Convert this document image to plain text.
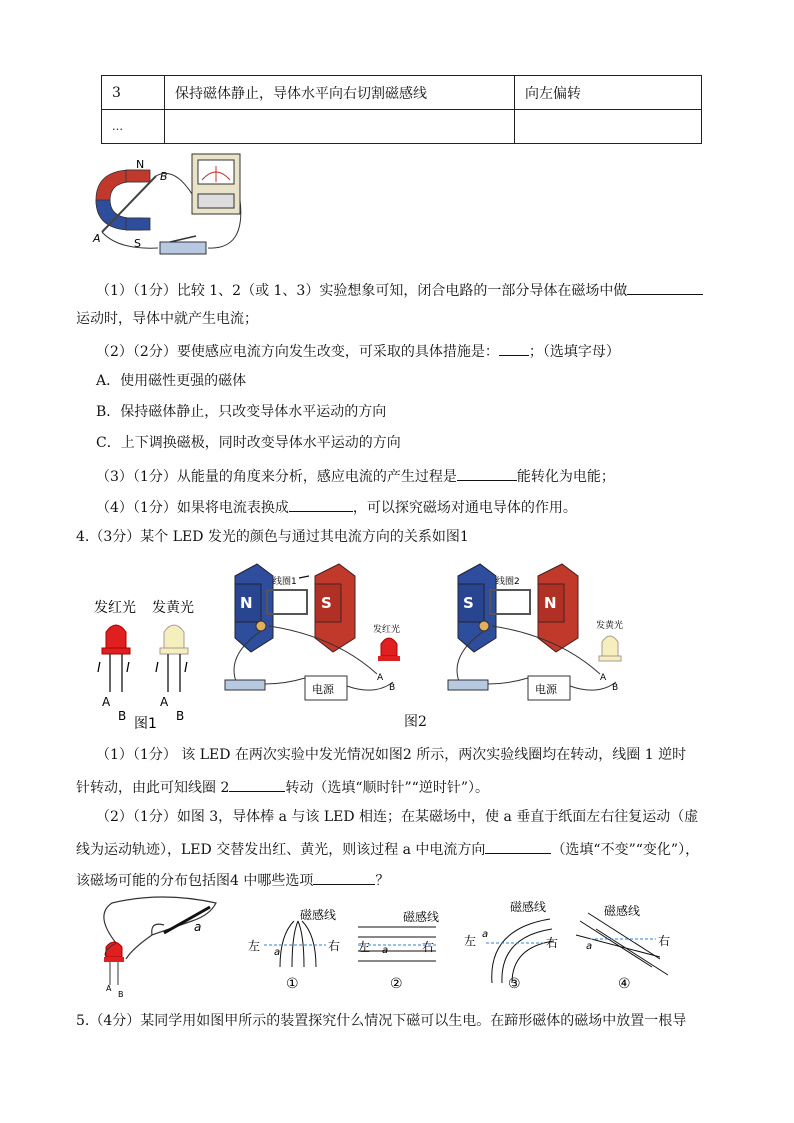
3	保持磁体静止，导体水平向右切割磁感线	向左偏转
…		
N
S
A
B
（1）（1分）比较 1、2（或 1、3）实验想象可知，闭合电路的一部分导体在磁场中做
运动时，导体中就产生电流；
（2）（2分）要使感应电流方向发生改变，可采取的具体措施是： ；（选填字母）
A．使用磁性更强的磁体
B．保持磁体静止，只改变导体水平运动的方向
C．上下调换磁极，同时改变导体水平运动的方向
（3）（1分）从能量的角度来分析，感应电流的产生过程是	能转化为电能；
（4）（1分）如果将电流表换成	，可以探究磁场对通电导体的作用。
4.（3分）某个 LED 发光的颜色与通过其电流方向的关系如图1
发红光 发黄光
I I I I
A
B
A
B
图1
N	S
线圈1
电源
发红光
A
B
S	N
线圈2
电源
发黄光
A
B
图2
（1）（1分） 该 LED 在两次实验中发光情况如图2 所示，两次实验线圈均在转动，线圈 1 逆时
针转动，由此可知线圈 2	转动（选填“顺时针”“逆时针”）。
（2）（1分）如图 3，导体棒 a 与该 LED 相连；在某磁场中，使 a 垂直于纸面左右往复运动（虚
线为运动轨迹），LED 交替发出红、黄光，则该过程 a 中电流方向	（选填“不变”“变化”），
该磁场可能的分布包括图4 中哪些选项	？
a
A
B
磁感线
左	右
a
①
磁感线
左	右
a
②
磁感线
左	右
a
③
磁感线
右
a
④
5.（4分）某同学用如图甲所示的装置探究什么情况下磁可以生电。在蹄形磁体的磁场中放置一根导
